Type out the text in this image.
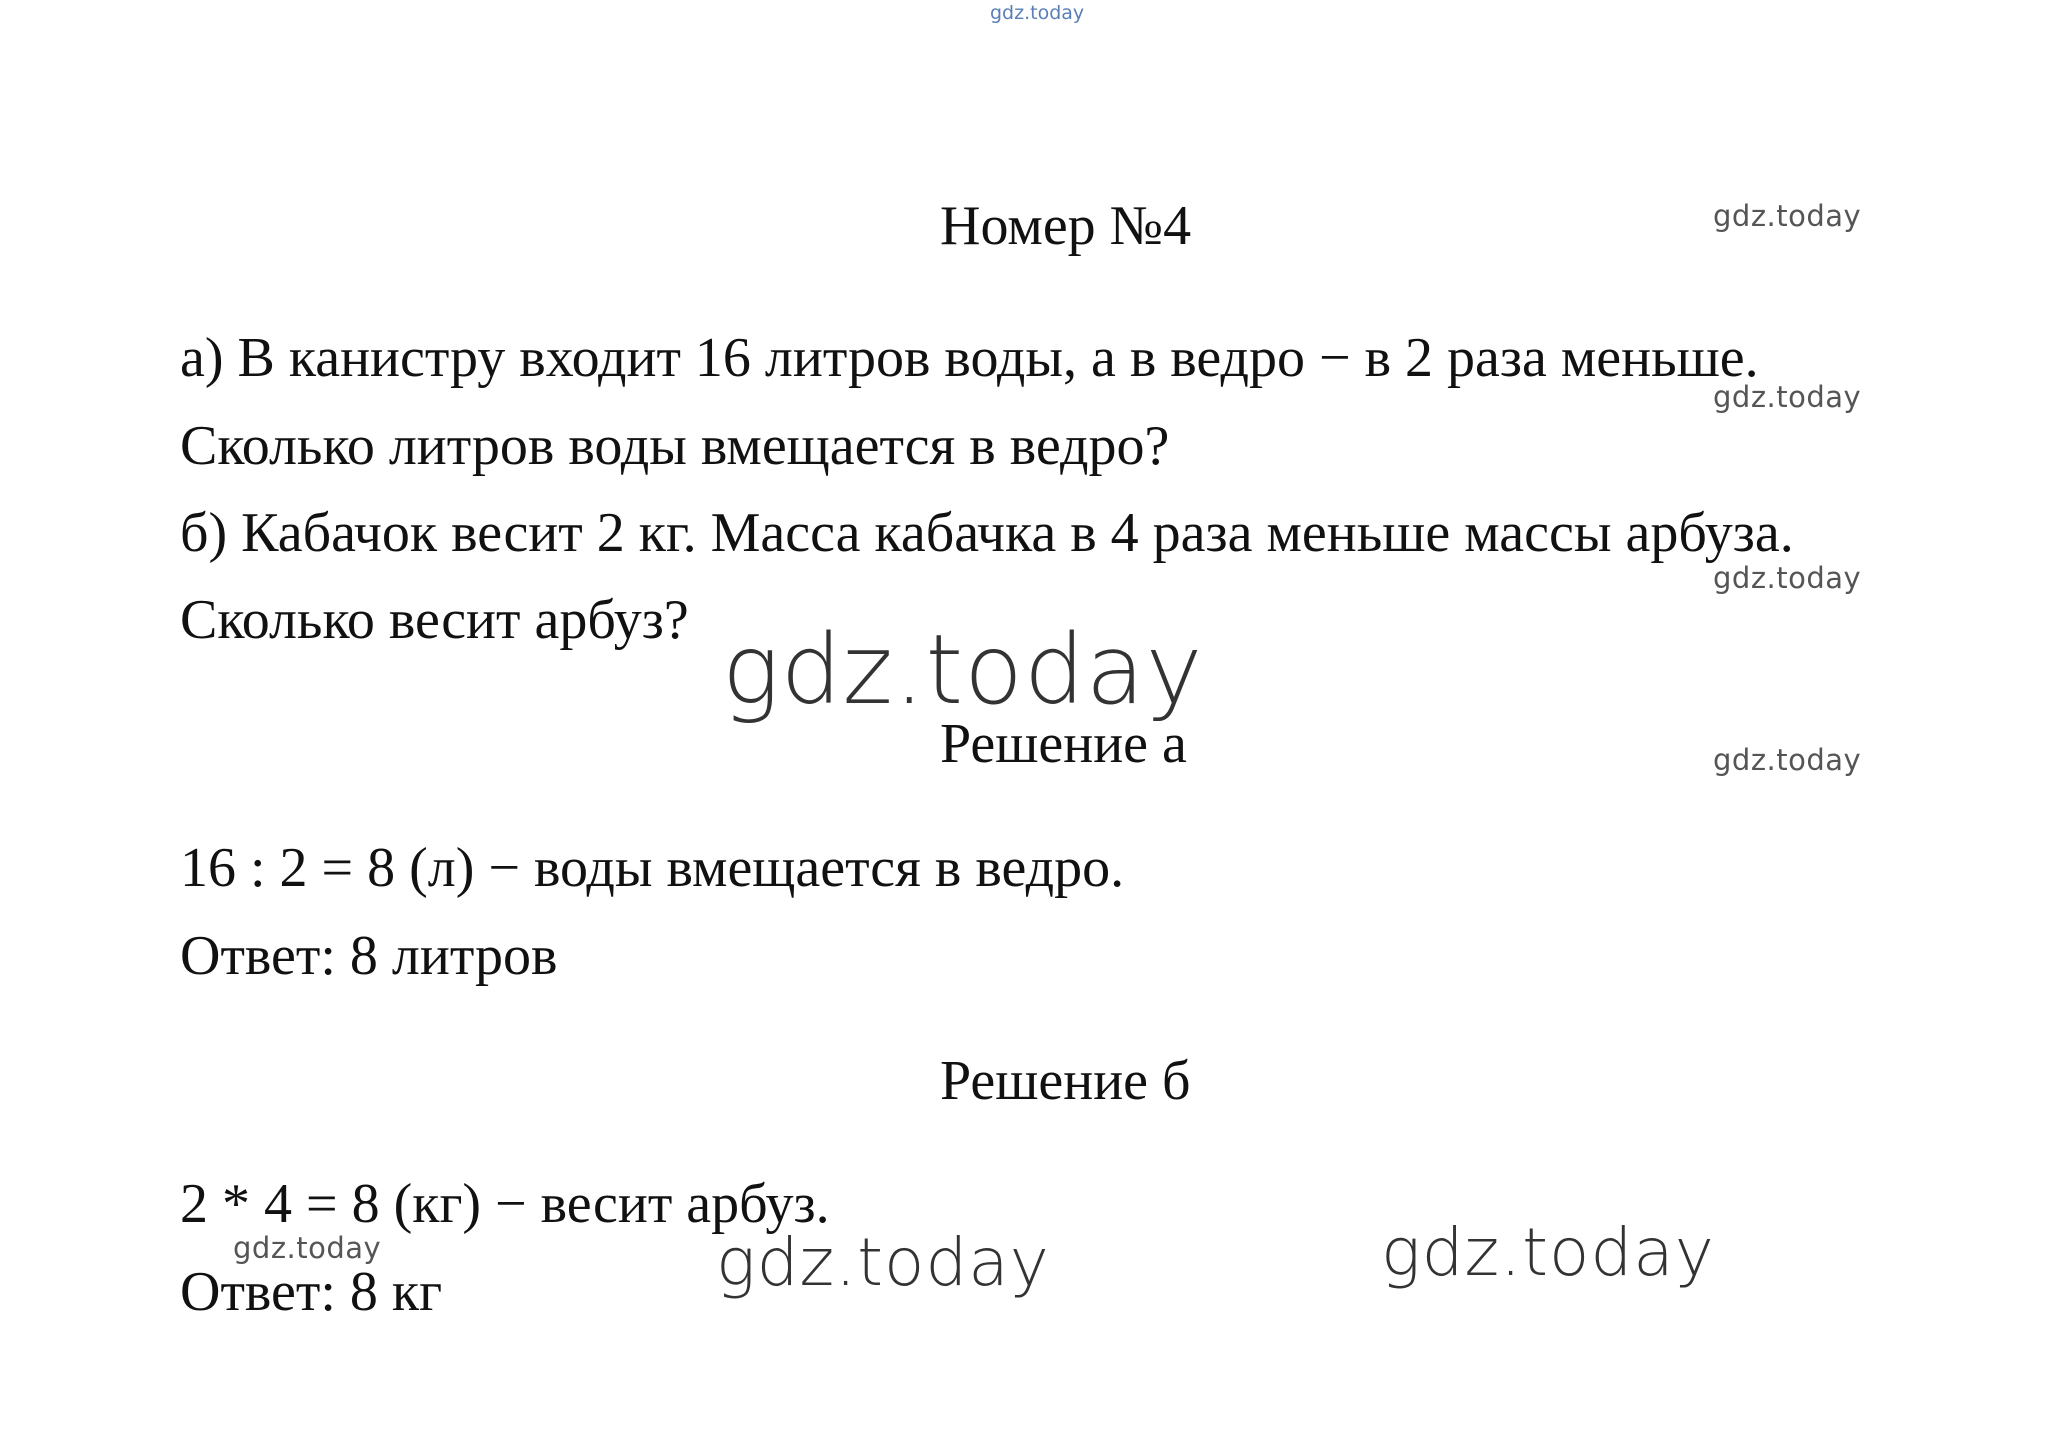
gdz.today
Номер №4	gdz.today
а) В канистру входит 16 литров воды, а в ведро − в 2 раза меньше.
gdz.today
Сколько литров воды вмещается в ведро?
б) Кабачок весит 2 кг. Масса кабачка в 4 раза меньше массы арбуза.
gdz.today
Сколько весит арбуз? gdz.today
Решение а	gdz.today
16 : 2 = 8 (л) − воды вмещается в ведро.
Ответ: 8 литров
Решение б
2 * 4 = 8 (кг) − весит арбуз.
gdz.today
Ответ: 8 кг	gdz.today	gdz.today
